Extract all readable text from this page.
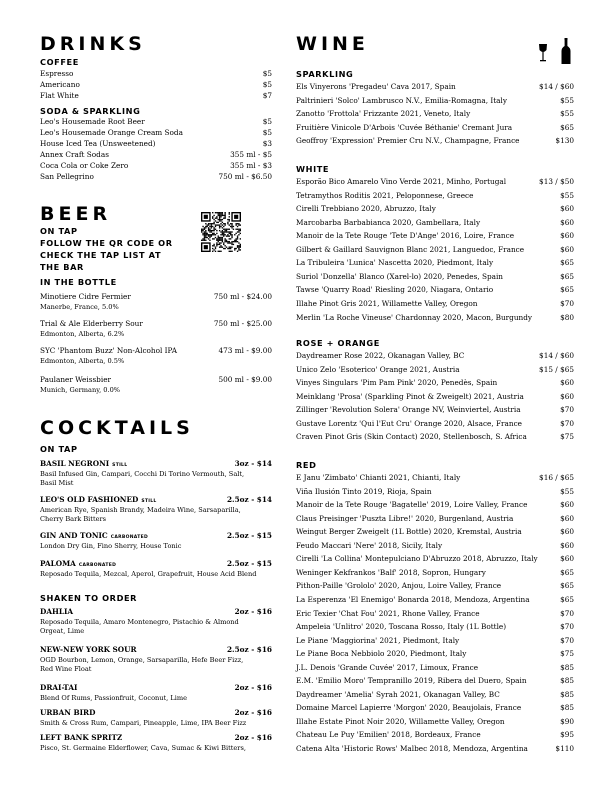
DRINKS
COFFEE
Espresso	$5
Americano	$5
Flat White	$7
SODA & SPARKLING
Leo's Housemade Root Beer	$5
Leo's Housemade Orange Cream Soda	$5
House Iced Tea (Unsweetened)	$3
Annex Craft Sodas	355 ml - $5
Coca Cola or Coke Zero	355 ml - $3
San Pellegrino	750 ml - $6.50
BEER
ON TAP
FOLLOW THE QR CODE OR
CHECK THE TAP LIST AT
THE BAR
IN THE BOTTLE
Minotiere Cidre Fermier	750 ml - $24.00
Manerbe, France, 5.0%
Trial & Ale Elderberry Sour	750 ml - $25.00
Edmonton, Alberta, 6.2%
SYC 'Phantom Buzz' Non-Alcohol IPA	473 ml - $9.00
Edmonton, Alberta, 0.5%
Paulaner Weissbier	500 ml - $9.00
Munich, Germany, 0.0%
COCKTAILS
ON TAP
BASIL NEGRONI STILL	3oz - $14
Basil Infused Gin, Campari, Cocchi Di Torino Vermouth, Salt,
Basil Mist
LEO'S OLD FASHIONED STILL	2.5oz - $14
American Rye, Spanish Brandy, Madeira Wine, Sarsaparilla,
Cherry Bark Bitters
GIN AND TONIC CARBONATED	2.5oz - $15
London Dry Gin, Fino Sherry, House Tonic
PALOMA CARBONATED	2.5oz - $15
Reposado Tequila, Mezcal, Aperol, Grapefruit, House Acid Blend
SHAKEN TO ORDER
DAHLIA	2oz - $16
Reposado Tequila, Amaro Montenegro, Pistachio & Almond
Orgeat, Lime
NEW-NEW YORK SOUR	2.5oz - $16
OGD Bourbon, Lemon, Orange, Sarsaparilla, Hefe Beer Fizz,
Red Wine Float
DRAI-TAI	2oz - $16
Blend Of Rums, Passionfruit, Coconut, Lime
URBAN BIRD	2oz - $16
Smith & Cross Rum, Campari, Pineapple, Lime, IPA Beer Fizz
LEFT BANK SPRITZ	2oz - $16
Pisco, St. Germaine Elderflower, Cava, Sumac & Kiwi Bitters,
WINE
SPARKLING
Els Vinyerons 'Pregadeu' Cava 2017, Spain	$14 / $60
Paltrinieri 'Solco' Lambrusco N.V., Emilia-Romagna, Italy	$55
Zanotto 'Frottola' Frizzante 2021, Veneto, Italy	$55
Fruitière Vinicole D'Arbois 'Cuvée Béthanie' Cremant Jura	$65
Geoffroy 'Expression' Premier Cru N.V., Champagne, France	$130
WHITE
Esporão Bico Amarelo Vino Verde 2021, Minho, Portugal	$13 / $50
Tetramythos Roditis 2021, Peloponnese, Greece	$55
Cirelli Trebbiano 2020, Abruzzo, Italy	$60
Marcobarba Barbabianca 2020, Gambellara, Italy	$60
Manoir de la Tete Rouge 'Tete D'Ange' 2016, Loire, France	$60
Gilbert & Gaillard Sauvignon Blanc 2021, Languedoc, France	$60
La Tribuleira 'Lunica' Nascetta 2020, Piedmont, Italy	$65
Suriol 'Donzella' Blanco (Xarel-lo) 2020, Penedes, Spain	$65
Tawse 'Quarry Road' Riesling 2020, Niagara, Ontario	$65
Illahe Pinot Gris 2021, Willamette Valley, Oregon	$70
Merlin 'La Roche Vineuse' Chardonnay 2020, Macon, Burgundy	$80
ROSE + ORANGE
Daydreamer Rose 2022, Okanagan Valley, BC	$14 / $60
Unico Zelo 'Esoterico' Orange 2021, Austria	$15 / $65
Vinyes Singulars 'Pim Pam Pink' 2020, Penedès, Spain	$60
Meinklang 'Prosa' (Sparkling Pinot & Zweigelt) 2021, Austria	$60
Zillinger 'Revolution Solera' Orange NV, Weinviertel, Austria	$70
Gustave Lorentz 'Qui l'Eut Cru' Orange 2020, Alsace, France	$70
Craven Pinot Gris (Skin Contact) 2020, Stellenbosch, S. Africa	$75
RED
E Janu 'Zimbato' Chianti 2021, Chianti, Italy	$16 / $65
Viña Ilusión Tinto 2019, Rioja, Spain	$55
Manoir de la Tete Rouge 'Bagatelle' 2019, Loire Valley, France	$60
Claus Preisinger 'Puszta Libre!' 2020, Burgenland, Austria	$60
Weingut Berger Zweigelt (1L Bottle) 2020, Kremstal, Austria	$60
Feudo Maccari 'Nere' 2018, Sicily, Italy	$60
Cirelli 'La Collina' Montepulciano D'Abruzzo 2018, Abruzzo, Italy	$60
Weninger Kekfrankos 'Balf' 2018, Sopron, Hungary	$65
Pithon-Paille 'Grololo' 2020, Anjou, Loire Valley, France	$65
La Esperenza 'El Enemigo' Bonarda 2018, Mendoza, Argentina	$65
Eric Texier 'Chat Fou' 2021, Rhone Valley, France	$70
Ampeleia 'Unlitro' 2020, Toscana Rosso, Italy (1L Bottle)	$70
Le Piane 'Maggiorina' 2021, Piedmont, Italy	$70
Le Piane Boca Nebbiolo 2020, Piedmont, Italy	$75
J.L. Denois 'Grande Cuvée' 2017, Limoux, France	$85
E.M. 'Emilio Moro' Tempranillo 2019, Ribera del Duero, Spain	$85
Daydreamer 'Amelia' Syrah 2021, Okanagan Valley, BC	$85
Domaine Marcel Lapierre 'Morgon' 2020, Beaujolais, France	$85
Illahe Estate Pinot Noir 2020, Willamette Valley, Oregon	$90
Chateau Le Puy 'Emilien' 2018, Bordeaux, France	$95
Catena Alta 'Historic Rows' Malbec 2018, Mendoza, Argentina	$110
